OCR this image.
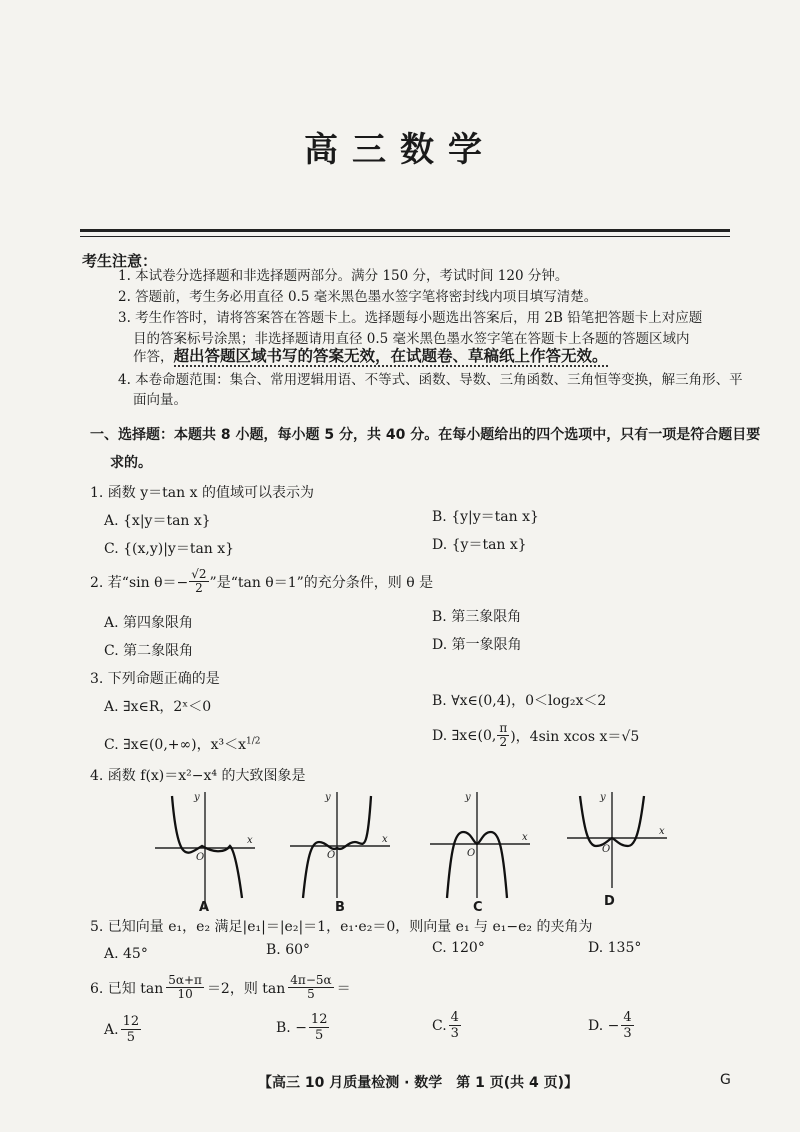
高三数学
考生注意：
1. 本试卷分选择题和非选择题两部分。满分 150 分，考试时间 120 分钟。
2. 答题前，考生务必用直径 0.5 毫米黑色墨水签字笔将密封线内项目填写清楚。
3. 考生作答时，请将答案答在答题卡上。选择题每小题选出答案后，用 2B 铅笔把答题卡上对应题
目的答案标号涂黑；非选择题请用直径 0.5 毫米黑色墨水签字笔在答题卡上各题的答题区域内
作答，超出答题区域书写的答案无效，在试题卷、草稿纸上作答无效。
4. 本卷命题范围：集合、常用逻辑用语、不等式、函数、导数、三角函数、三角恒等变换，解三角形、平
面向量。
一、选择题：本题共 8 小题，每小题 5 分，共 40 分。在每小题给出的四个选项中，只有一项是符合题目要
求的。
1. 函数 y＝tan x 的值域可以表示为
A. {x|y＝tan x}	B. {y|y＝tan x}
C. {(x,y)|y＝tan x}	D. {y＝tan x}
2. 若“sin $\theta=- \frac{√2}{2}$ ”是“tan θ＝1”的充分条件，则 θ 是
A. 第四象限角	B. 第三象限角
C. 第二象限角	D. 第一象限角
3. 下列命题正确的是
A. ∃x∈R，2ˣ＜0	B. ∀x∈(0,4)，0＜log₂x＜2
C. ∃x∈(0,+∞)，$x^3<x^{1/2}$	D. ∃x∈(0, $\frac{\pi}{2}$ )，4sin xcos x＝√5
4. 函数 f(x)＝x²−x⁴ 的大致图象是
y
x
O
A
y
x
O
B
y
x
O
C
y
x
O
D
5. 已知向量 e₁，e₂ 满足|e₁|＝|e₂|＝1，e₁·e₂＝0，则向量 e₁ 与 e₁−e₂ 的夹角为
A. 45°	B. 60°	C. 120°	D. 135°
6. 已知 $\tan \frac{5\alpha+\pi}{10} =2$，则 $\tan \frac{4\pi-5\alpha}{5}$ ＝
A. $\frac{12}{5}$	B. − $\frac{12}{5}$	C. $\frac{4}{3}$	D. − $\frac{4}{3}$
【高三 10 月质量检测 · 数学　第 1 页(共 4 页)】	G
